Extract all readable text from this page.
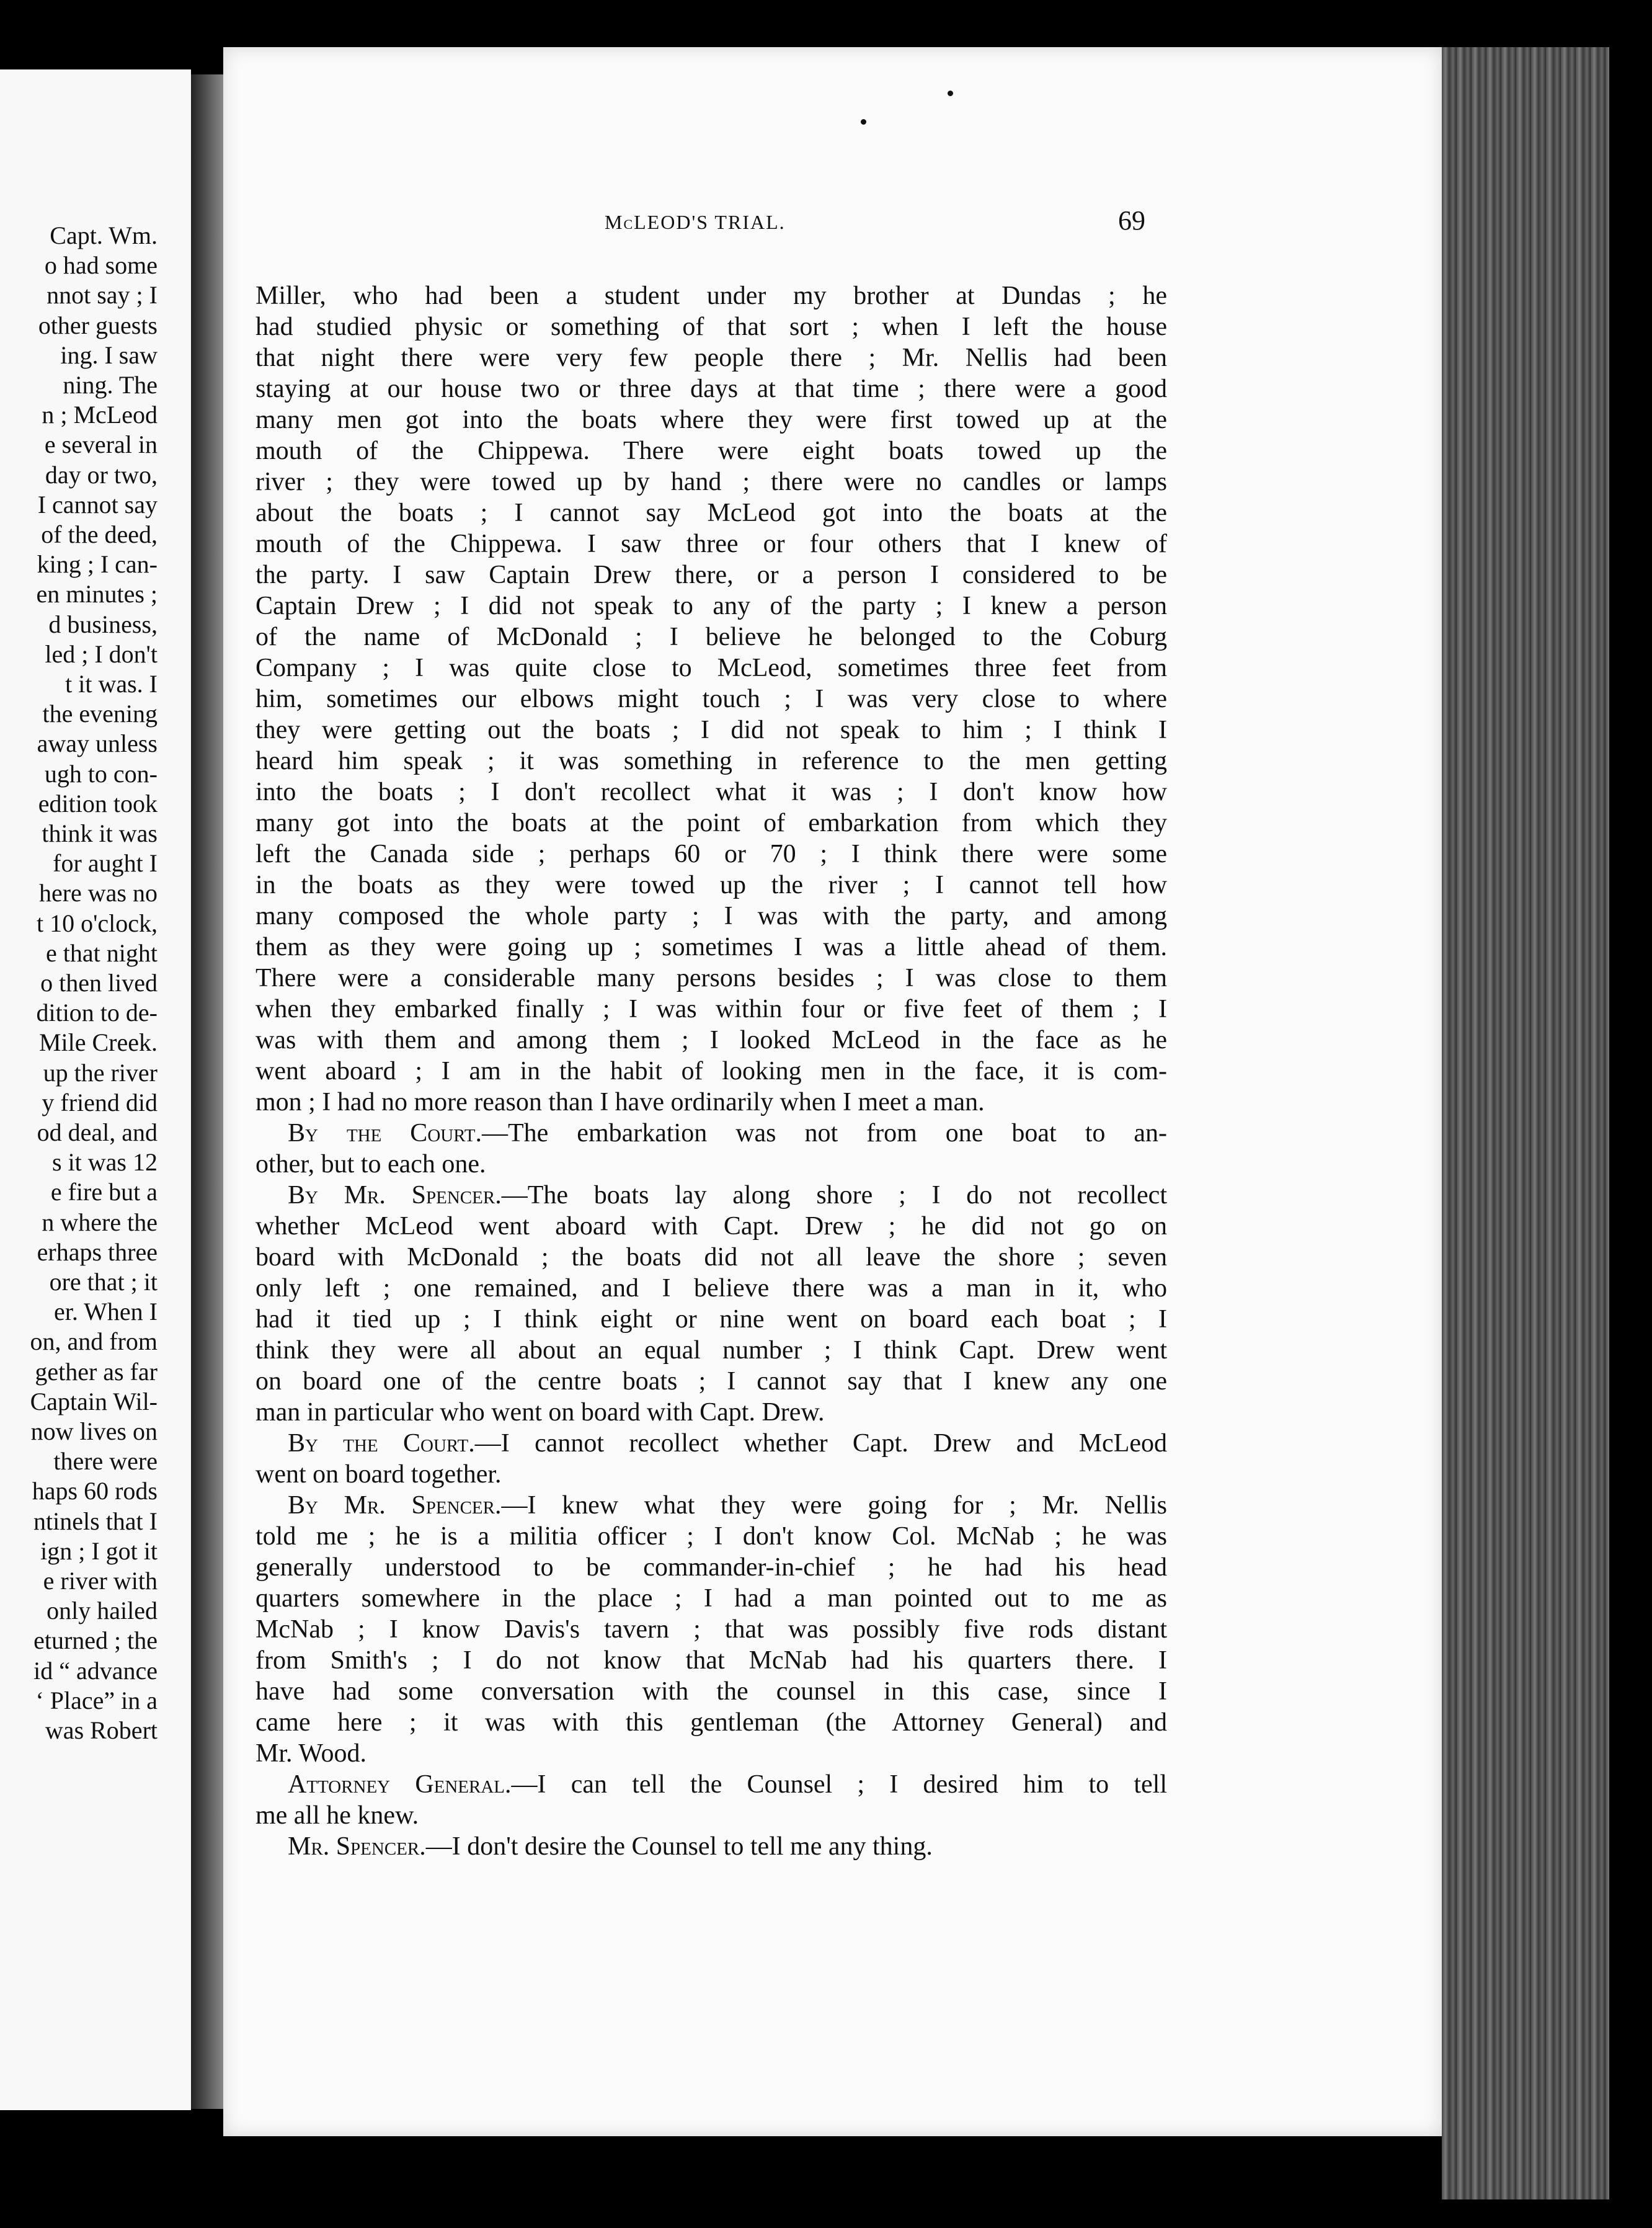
Capt. Wm.
o had some
nnot say ; I
other guests
ing. I saw
ning. The
n ; McLeod
e several in
day or two,
I cannot say
of the deed,
king ; I can-
en minutes ;
d business,
led ; I don't
t it was. I
the evening
away unless
ugh to con-
edition took
think it was
for aught I
here was no
t 10 o'clock,
e that night
o then lived
dition to de-
Mile Creek.
up the river
y friend did
od deal, and
s it was 12
e fire but a
n where the
erhaps three
ore that ; it
er. When I
on, and from
gether as far
Captain Wil-
now lives on
there were
haps 60 rods
ntinels that I
ign ; I got it
e river with
only hailed
eturned ; the
id “ advance
‘ Place” in a
was Robert
McLEOD'S TRIAL.	69
Miller, who had been a student under my brother at Dundas ; he
had studied physic or something of that sort ; when I left the house
that night there were very few people there ; Mr. Nellis had been
staying at our house two or three days at that time ; there were a good
many men got into the boats where they were first towed up at the
mouth of the Chippewa. There were eight boats towed up the
river ; they were towed up by hand ; there were no candles or lamps
about the boats ; I cannot say McLeod got into the boats at the
mouth of the Chippewa. I saw three or four others that I knew of
the party. I saw Captain Drew there, or a person I considered to be
Captain Drew ; I did not speak to any of the party ; I knew a person
of the name of McDonald ; I believe he belonged to the Coburg
Company ; I was quite close to McLeod, sometimes three feet from
him, sometimes our elbows might touch ; I was very close to where
they were getting out the boats ; I did not speak to him ; I think I
heard him speak ; it was something in reference to the men getting
into the boats ; I don't recollect what it was ; I don't know how
many got into the boats at the point of embarkation from which they
left the Canada side ; perhaps 60 or 70 ; I think there were some
in the boats as they were towed up the river ; I cannot tell how
many composed the whole party ; I was with the party, and among
them as they were going up ; sometimes I was a little ahead of them.
There were a considerable many persons besides ; I was close to them
when they embarked finally ; I was within four or five feet of them ; I
was with them and among them ; I looked McLeod in the face as he
went aboard ; I am in the habit of looking men in the face, it is com-
mon ; I had no more reason than I have ordinarily when I meet a man.
By the Court.—The embarkation was not from one boat to an-
other, but to each one.
By Mr. Spencer.—The boats lay along shore ; I do not recollect
whether McLeod went aboard with Capt. Drew ; he did not go on
board with McDonald ; the boats did not all leave the shore ; seven
only left ; one remained, and I believe there was a man in it, who
had it tied up ; I think eight or nine went on board each boat ; I
think they were all about an equal number ; I think Capt. Drew went
on board one of the centre boats ; I cannot say that I knew any one
man in particular who went on board with Capt. Drew.
By the Court.—I cannot recollect whether Capt. Drew and McLeod
went on board together.
By Mr. Spencer.—I knew what they were going for ; Mr. Nellis
told me ; he is a militia officer ; I don't know Col. McNab ; he was
generally understood to be commander-in-chief ; he had his head
quarters somewhere in the place ; I had a man pointed out to me as
McNab ; I know Davis's tavern ; that was possibly five rods distant
from Smith's ; I do not know that McNab had his quarters there. I
have had some conversation with the counsel in this case, since I
came here ; it was with this gentleman (the Attorney General) and
Mr. Wood.
Attorney General.—I can tell the Counsel ; I desired him to tell
me all he knew.
Mr. Spencer.—I don't desire the Counsel to tell me any thing.
